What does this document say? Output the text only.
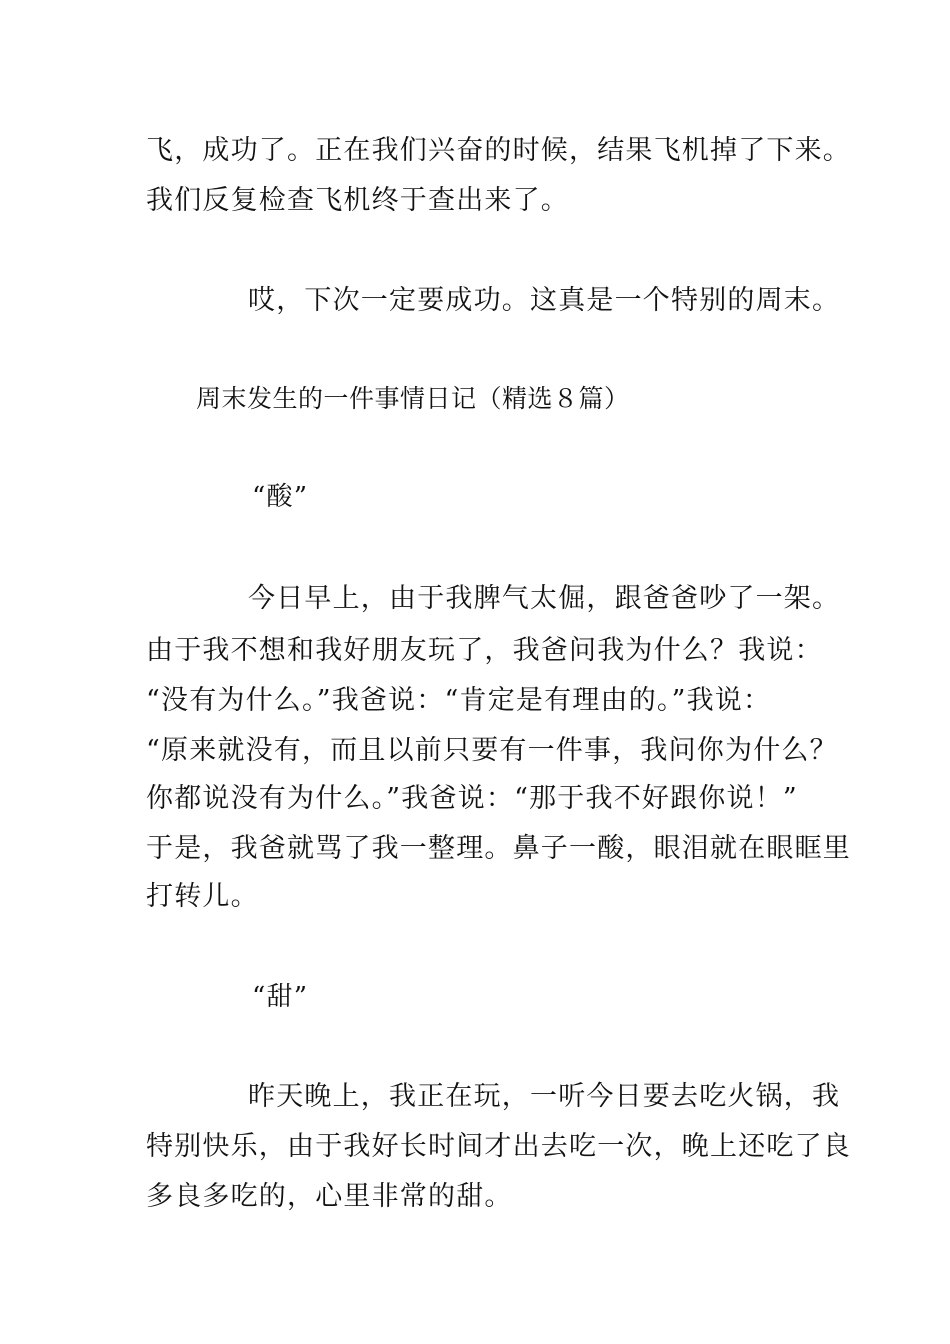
飞，成功了。正在我们兴奋的时候，结果飞机掉了下来。
我们反复检查飞机终于查出来了。
哎，下次一定要成功。这真是一个特别的周末。
周末发生的一件事情日记（精选８篇）
“酸”
今日早上，由于我脾气太倔，跟爸爸吵了一架。
由于我不想和我好朋友玩了，我爸问我为什么？我说：
“没有为什么。”我爸说：“肯定是有理由的。”我说：
“原来就没有，而且以前只要有一件事，我问你为什么？
你都说没有为什么。”我爸说：“那于我不好跟你说！”
于是，我爸就骂了我一整理。鼻子一酸，眼泪就在眼眶里
打转儿。
“甜”
昨天晚上，我正在玩，一听今日要去吃火锅，我
特别快乐，由于我好长时间才出去吃一次，晚上还吃了良
多良多吃的，心里非常的甜。
